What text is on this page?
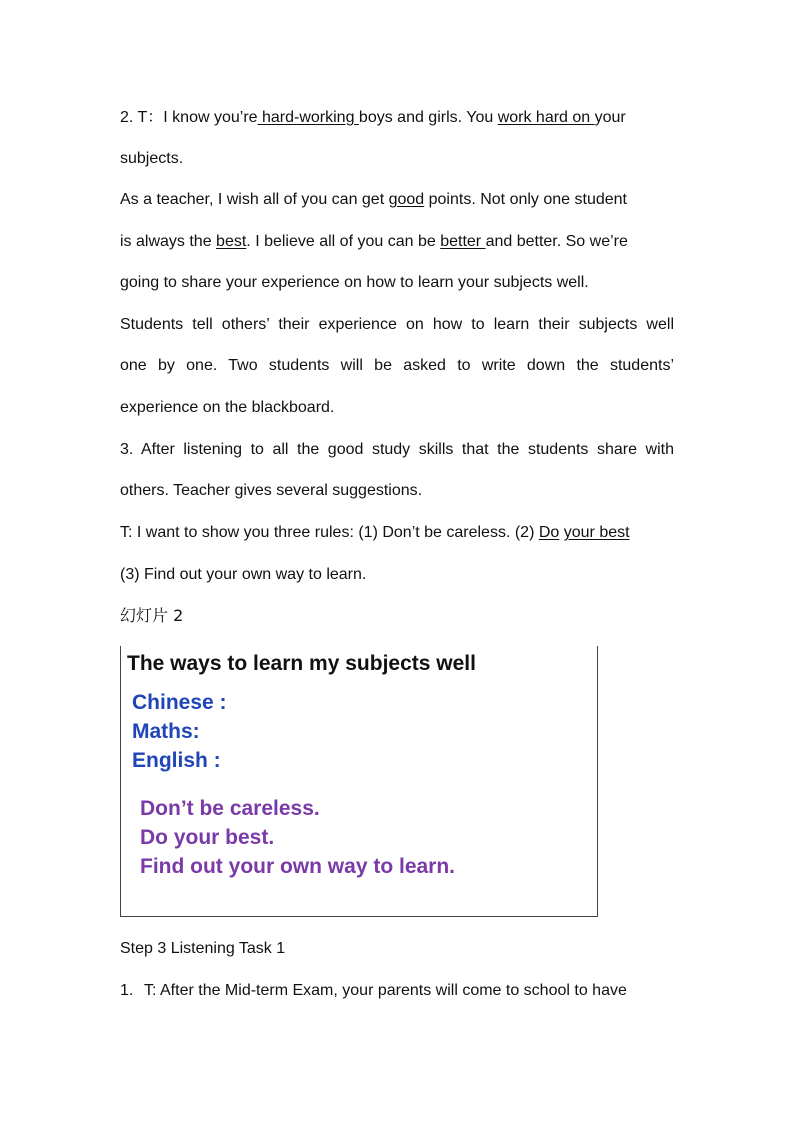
2. T：I know you’re hard-working boys and girls. You work hard on your
subjects.
As a teacher, I wish all of you can get good points. Not only one student
is always the best. I believe all of you can be better and better. So we’re
going to share your experience on how to learn your subjects well.
Students tell others’ their experience on how to learn their subjects well
one by one. Two students will be asked to write down the students’
experience on the blackboard.
3. After listening to all the good study skills that the students share with
others. Teacher gives several suggestions.
T: I want to show you three rules: (1) Don’t be careless. (2) Do your best
(3) Find out your own way to learn.
幻灯片 2
The ways to learn my subjects well
Chinese :
Maths:
English :
Don’t be careless.
Do your best.
Find out your own way to learn.
Step 3 Listening Task 1
1. T: After the Mid-term Exam, your parents will come to school to have
